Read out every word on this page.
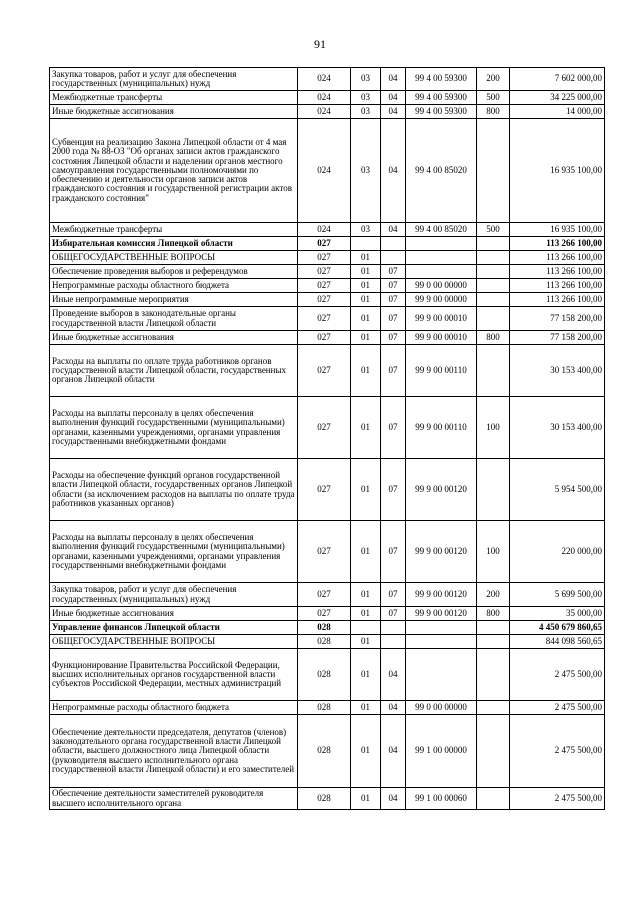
91
Закупка товаров, работ и услуг для обеспечения государственных (муниципальных) нужд	024	03	04	99 4 00 59300	200	7 602 000,00
Межбюджетные трансферты	024	03	04	99 4 00 59300	500	34 225 000,00
Иные бюджетные ассигнования	024	03	04	99 4 00 59300	800	14 000,00
Субвенция на реализацию Закона Липецкой области от 4 мая 2000 года № 88-ОЗ "Об органах записи актов гражданского состояния Липецкой области и наделении органов местного самоуправления государственными полномочиями по обеспечению и деятельности органов записи актов гражданского состояния и государственной регистрации актов гражданского состояния"	024	03	04	99 4 00 85020		16 935 100,00
Межбюджетные трансферты	024	03	04	99 4 00 85020	500	16 935 100,00
Избирательная комиссия Липецкой области	027					113 266 100,00
ОБЩЕГОСУДАРСТВЕННЫЕ ВОПРОСЫ	027	01				113 266 100,00
Обеспечение проведения выборов и референдумов	027	01	07			113 266 100,00
Непрограммные расходы областного бюджета	027	01	07	99 0 00 00000		113 266 100,00
Иные непрограммные мероприятия	027	01	07	99 9 00 00000		113 266 100,00
Проведение выборов в законодательные органы государственной власти Липецкой области	027	01	07	99 9 00 00010		77 158 200,00
Иные бюджетные ассигнования	027	01	07	99 9 00 00010	800	77 158 200,00
Расходы на выплаты по оплате труда работников органов государственной власти Липецкой области, государственных органов Липецкой области	027	01	07	99 9 00 00110		30 153 400,00
Расходы на выплаты персоналу в целях обеспечения выполнения функций государственными (муниципальными) органами, казенными учреждениями, органами управления государственными внебюджетными фондами	027	01	07	99 9 00 00110	100	30 153 400,00
Расходы на обеспечение функций органов государственной власти Липецкой области, государственных органов Липецкой области (за исключением расходов на выплаты по оплате труда работников указанных органов)	027	01	07	99 9 00 00120		5 954 500,00
Расходы на выплаты персоналу в целях обеспечения выполнения функций государственными (муниципальными) органами, казенными учреждениями, органами управления государственными внебюджетными фондами	027	01	07	99 9 00 00120	100	220 000,00
Закупка товаров, работ и услуг для обеспечения государственных (муниципальных) нужд	027	01	07	99 9 00 00120	200	5 699 500,00
Иные бюджетные ассигнования	027	01	07	99 9 00 00120	800	35 000,00
Управление финансов Липецкой области	028					4 450 679 860,65
ОБЩЕГОСУДАРСТВЕННЫЕ ВОПРОСЫ	028	01				844 098 560,65
Функционирование Правительства Российской Федерации, высших исполнительных органов государственной власти субъектов Российской Федерации, местных администраций	028	01	04			2 475 500,00
Непрограммные расходы областного бюджета	028	01	04	99 0 00 00000		2 475 500,00
Обеспечение деятельности председателя, депутатов (членов) законодательного органа государственной власти Липецкой области, высшего должностного лица Липецкой области (руководителя высшего исполнительного органа государственной власти Липецкой области) и его заместителей	028	01	04	99 1 00 00000		2 475 500,00
Обеспечение деятельности заместителей руководителя высшего исполнительного органа	028	01	04	99 1 00 00060		2 475 500,00
